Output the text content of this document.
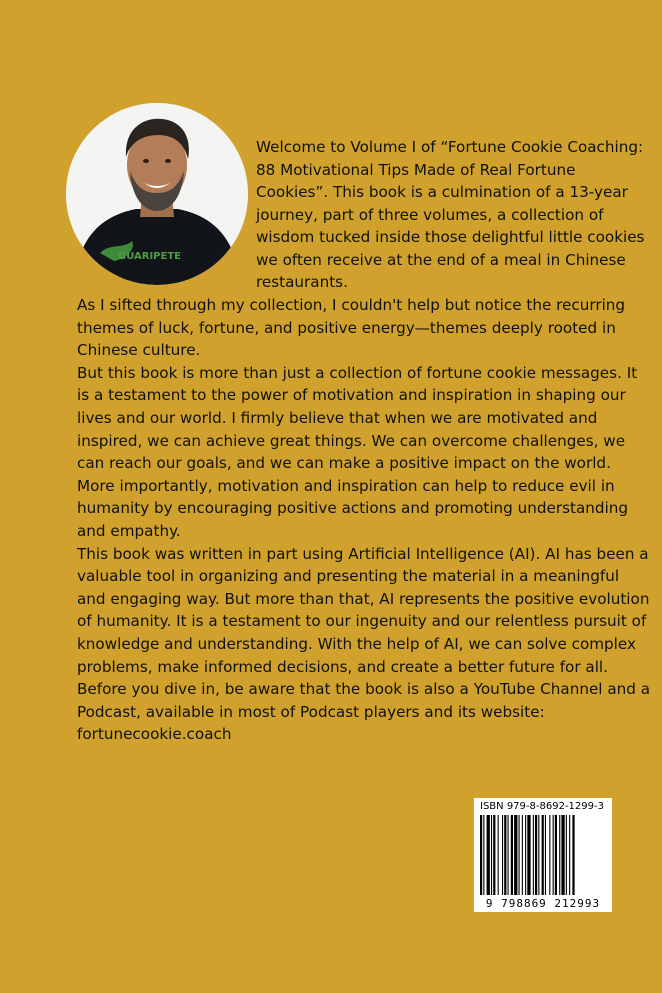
GUARIPETE

Welcome to Volume I of “Fortune Cookie Coaching: 88 Motivational Tips Made of Real Fortune Cookies”. This book is a culmination of a 13-year journey, part of three volumes, a collection of wisdom tucked inside those delightful little cookies we often receive at the end of a meal in Chinese restaurants.

As I sifted through my collection, I couldn't help but notice the recurring themes of luck, fortune, and positive energy—themes deeply rooted in Chinese culture.

But this book is more than just a collection of fortune cookie messages. It is a testament to the power of motivation and inspiration in shaping our lives and our world. I firmly believe that when we are motivated and inspired, we can achieve great things. We can overcome challenges, we can reach our goals, and we can make a positive impact on the world. More importantly, motivation and inspiration can help to reduce evil in humanity by encouraging positive actions and promoting understanding and empathy.

This book was written in part using Artificial Intelligence (AI). AI has been a valuable tool in organizing and presenting the material in a meaningful and engaging way. But more than that, AI represents the positive evolution of humanity. It is a testament to our ingenuity and our relentless pursuit of knowledge and understanding. With the help of AI, we can solve complex problems, make informed decisions, and create a better future for all.

Before you dive in, be aware that the book is also a YouTube Channel and a Podcast, available in most of Podcast players and its website: fortunecookie.coach

ISBN 979-8-8692-1299-3
9 798869 212993
